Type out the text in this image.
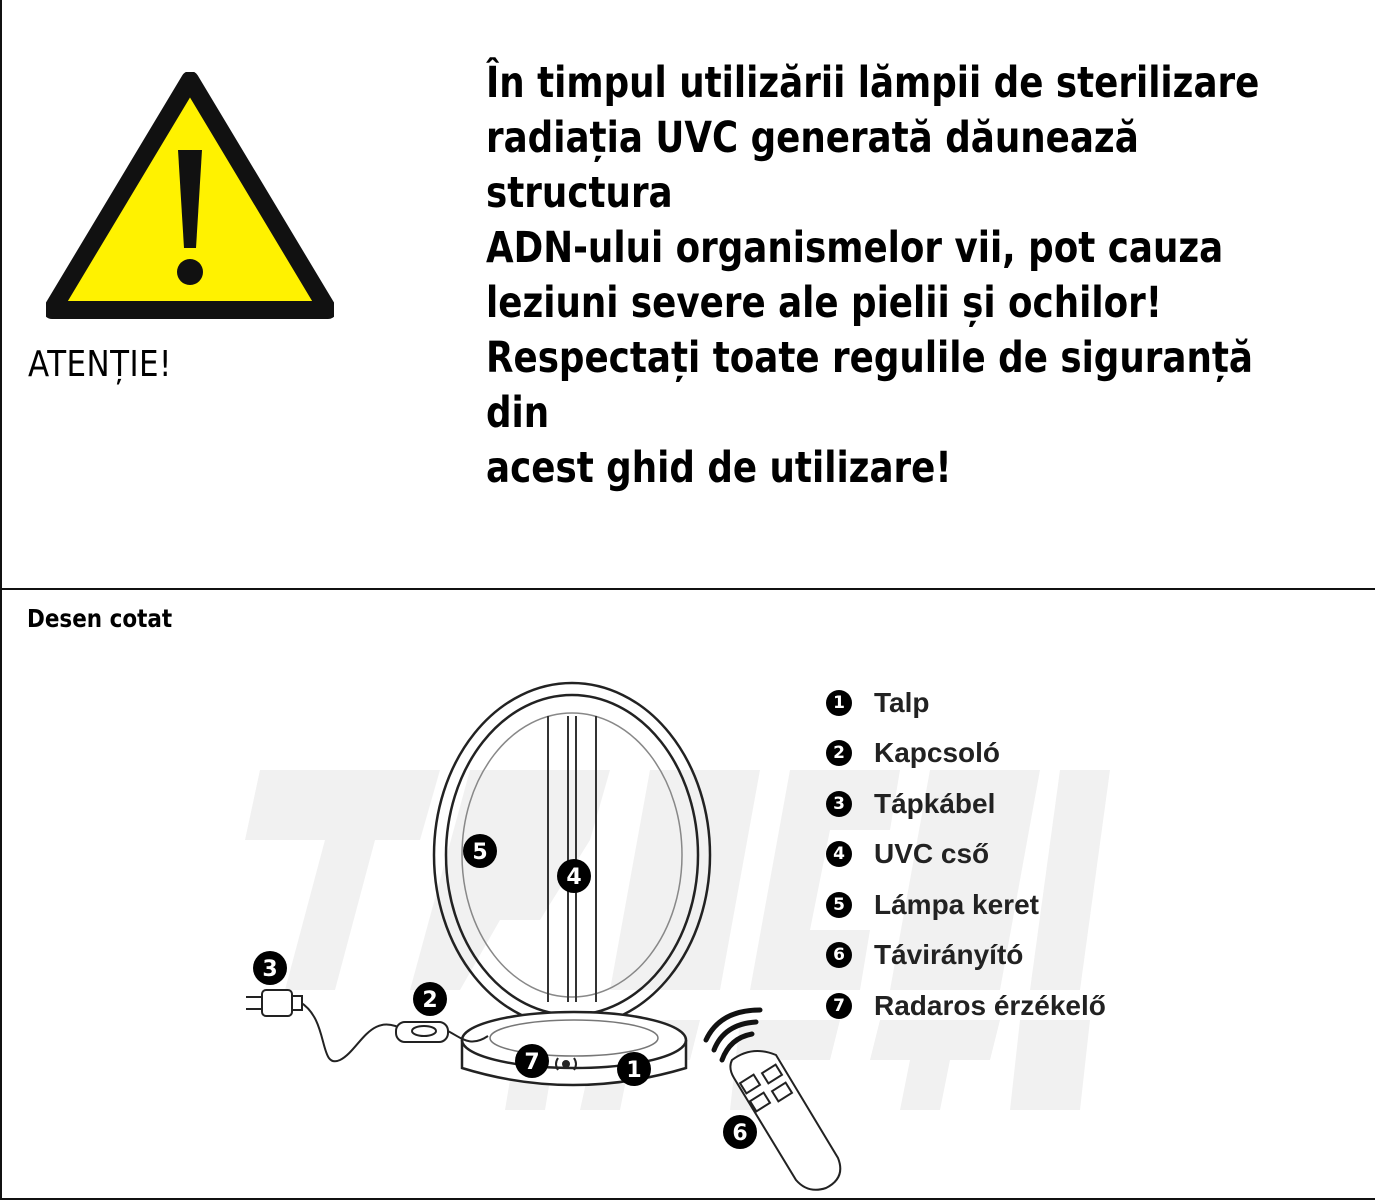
ATENȚIE!
În timpul utilizării lămpii de sterilizare
radiația UVC generată dăunează structura
ADN-ului organismelor vii, pot cauza
leziuni severe ale pielii și ochilor!
Respectați toate regulile de siguranță din
acest ghid de utilizare!
Desen cotat
1
2
3
4
5
6
7
1 Talp
2 Kapcsoló
3 Tápkábel
4 UVC cső
5 Lámpa keret
6 Távirányító
7 Radaros érzékelő
